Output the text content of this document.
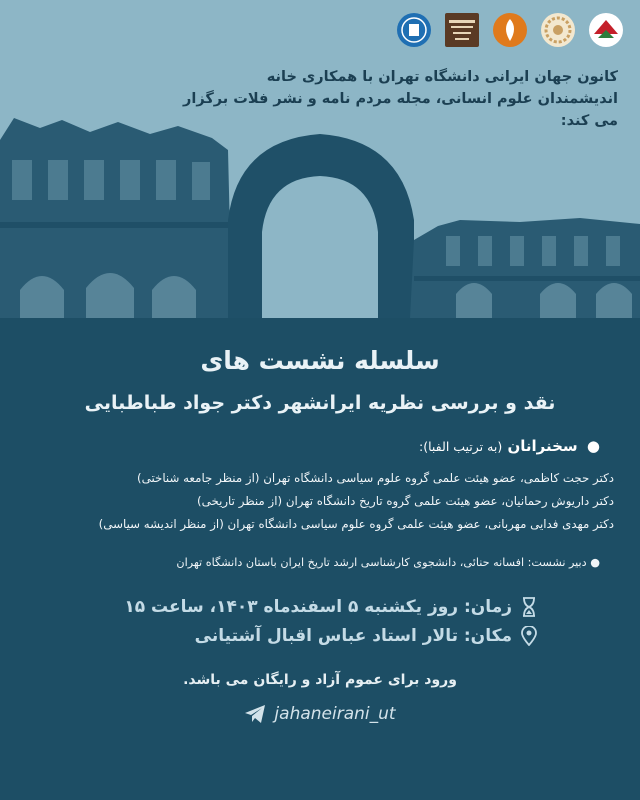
کانون جهان ایرانی دانشگاه تهران با همکاری خانه
اندیشمندان علوم انسانی، مجله مردم نامه و نشر فلات برگزار
می کند:
سلسله نشست های
نقد و بررسی نظریه ایرانشهر دکتر جواد طباطبایی
● سخنرانان (به ترتیب الفبا):
دکتر حجت کاظمی، عضو هیئت علمی گروه علوم سیاسی دانشگاه تهران (از منظر جامعه شناختی)
دکتر داریوش رحمانیان، عضو هیئت علمی گروه تاریخ دانشگاه تهران (از منظر تاریخی)
دکتر مهدی فدایی مهربانی، عضو هیئت علمی گروه علوم سیاسی دانشگاه تهران (از منظر اندیشه سیاسی)
● دبیر نشست: افسانه حنائی، دانشجوی کارشناسی ارشد تاریخ ایران باستان دانشگاه تهران
زمان: روز یکشنبه ۵ اسفندماه ۱۴۰۳، ساعت ۱۵
مکان: تالار استاد عباس اقبال آشتیانی
ورود برای عموم آزاد و رایگان می باشد.
jahaneirani_ut
